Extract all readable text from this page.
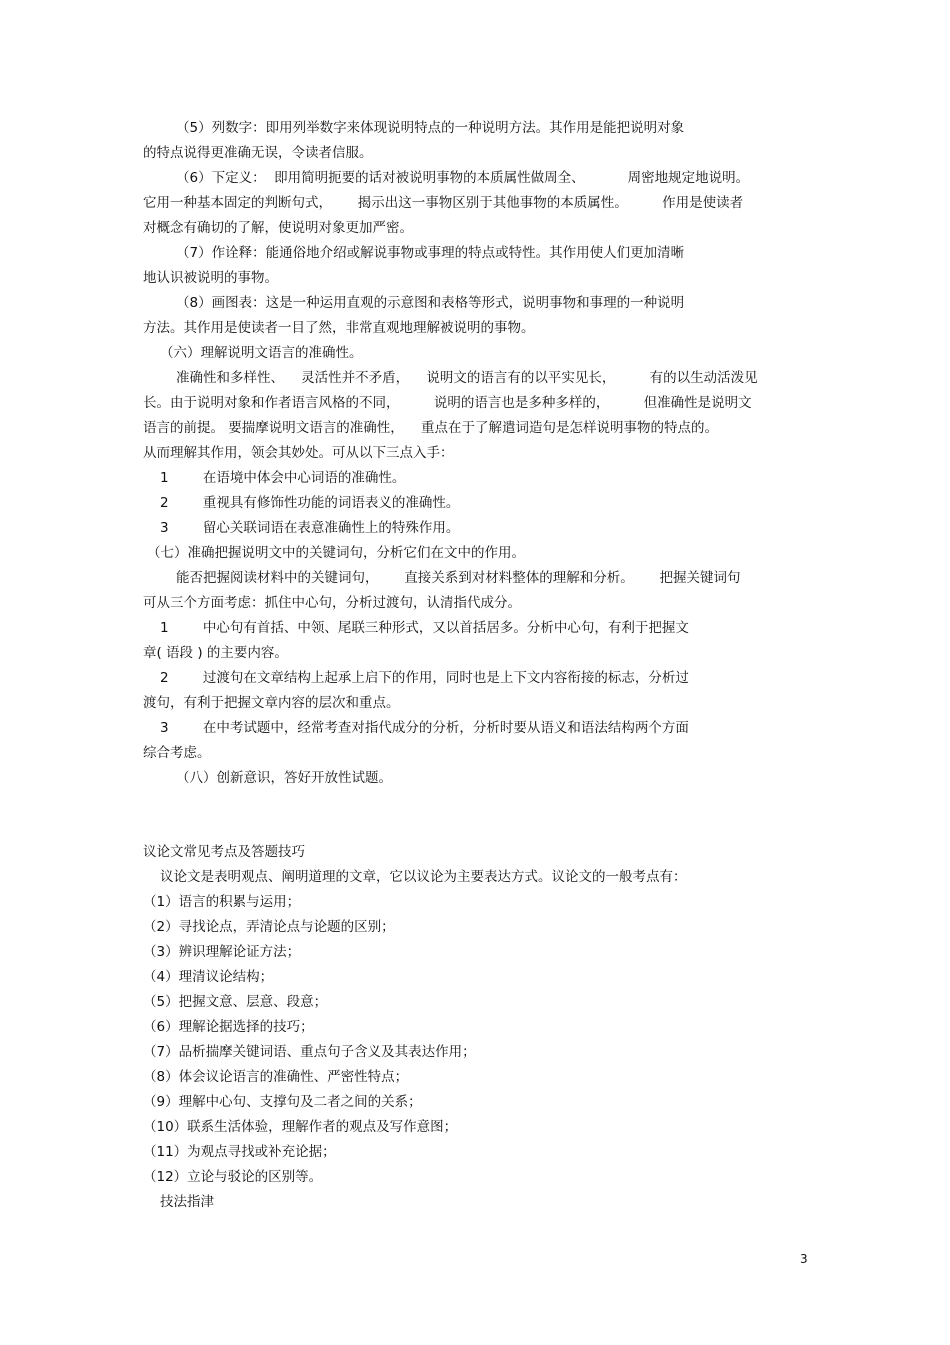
（5）列数字：即用列举数字来体现说明特点的一种说明方法。其作用是能把说明对象
的特点说得更准确无误，令读者信服。
（6）下定义：  即用简明扼要的话对被说明事物的本质属性做周全、          周密地规定地说明。
它用一种基本固定的判断句式，      揭示出这一事物区别于其他事物的本质属性。        作用是使读者
对概念有确切的了解，使说明对象更加严密。
（7）作诠释：能通俗地介绍或解说事物或事理的特点或特性。其作用使人们更加清晰
地认识被说明的事物。
（8）画图表：这是一种运用直观的示意图和表格等形式，说明事物和事理的一种说明
方法。其作用是使读者一目了然，非常直观地理解被说明的事物。
（六）理解说明文语言的准确性。
准确性和多样性、    灵活性并不矛盾，    说明文的语言有的以平实见长，        有的以生动活泼见
长。由于说明对象和作者语言风格的不同，        说明的语言也是多种多样的，        但准确性是说明文
语言的前提。 要揣摩说明文语言的准确性，    重点在于了解遣词造句是怎样说明事物的特点的。
从而理解其作用，领会其妙处。可从以下三点入手：
1        在语境中体会中心词语的准确性。
2        重视具有修饰性功能的词语表义的准确性。
3        留心关联词语在表意准确性上的特殊作用。
（七）准确把握说明文中的关键词句，分析它们在文中的作用。
能否把握阅读材料中的关键词句，      直接关系到对材料整体的理解和分析。      把握关键词句
可从三个方面考虑：抓住中心句，分析过渡句，认清指代成分。
1        中心句有首括、中领、尾联三种形式，又以首括居多。分析中心句，有利于把握文
章( 语段 ) 的主要内容。
2        过渡句在文章结构上起承上启下的作用，同时也是上下文内容衔接的标志，分析过
渡句，有利于把握文章内容的层次和重点。
3        在中考试题中，经常考查对指代成分的分析，分析时要从语义和语法结构两个方面
综合考虑。
（八）创新意识，答好开放性试题。
议论文常见考点及答题技巧
议论文是表明观点、阐明道理的文章，它以议论为主要表达方式。议论文的一般考点有：
（1）语言的积累与运用；
（2）寻找论点，弄清论点与论题的区别；
（3）辨识理解论证方法；
（4）理清议论结构；
（5）把握文意、层意、段意；
（6）理解论据选择的技巧；
（7）品析揣摩关键词语、重点句子含义及其表达作用；
（8）体会议论语言的准确性、严密性特点；
（9）理解中心句、支撑句及二者之间的关系；
（10）联系生活体验，理解作者的观点及写作意图；
（11）为观点寻找或补充论据；
（12）立论与驳论的区别等。
技法指津
3
